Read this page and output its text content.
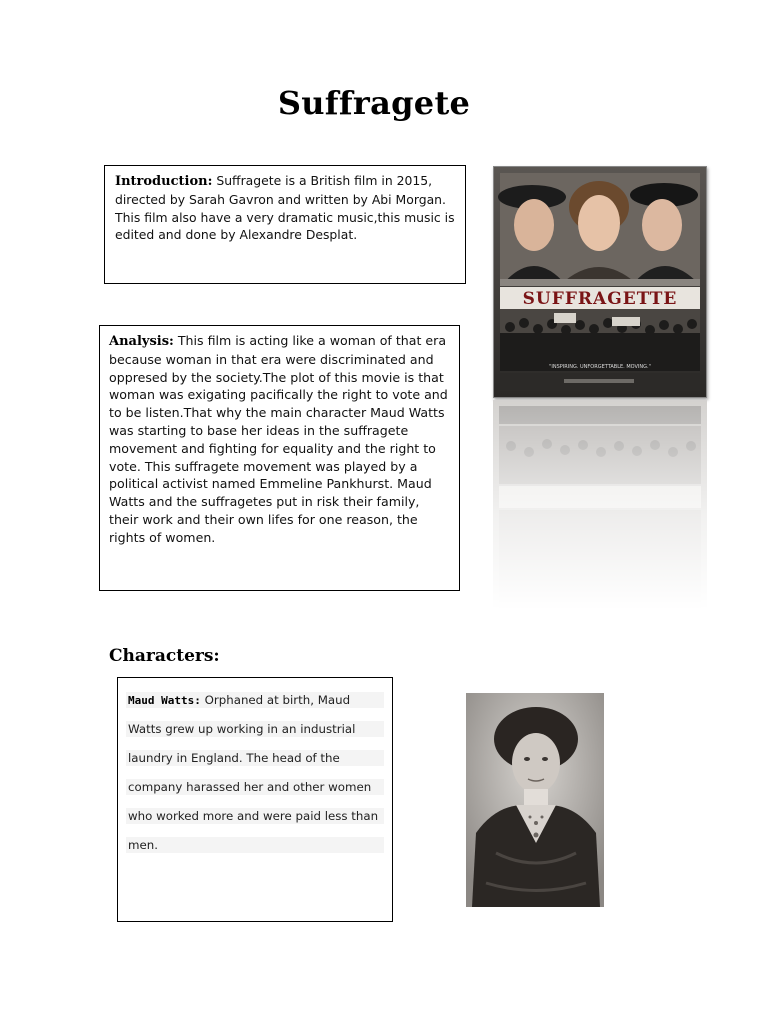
Suffragete

Introduction: Suffragete is a British film in 2015, directed by Sarah Gavron and written by Abi Morgan. This film also have a very dramatic music,this music is edited and done by Alexandre Desplat.

SUFFRAGETTE
"INSPIRING. UNFORGETTABLE. MOVING."

Analysis: This film is acting like a woman of that era because woman in that era were discriminated and oppresed by the society.The plot of this movie is that woman was exigating pacifically the right to vote and to be listen.That why the main character Maud Watts was starting to base her ideas in the suffragete movement and fighting for equality and the right to vote. This suffragete movement was played by a political activist named Emmeline Pankhurst. Maud Watts and the suffragetes put in risk their family, their work and their own lifes for one reason, the rights of women.

Characters:
Maud Watts: Orphaned at birth, Maud
Watts grew up working in an industrial
laundry in England. The head of the
company harassed her and other women
who worked more and were paid less than
men.
